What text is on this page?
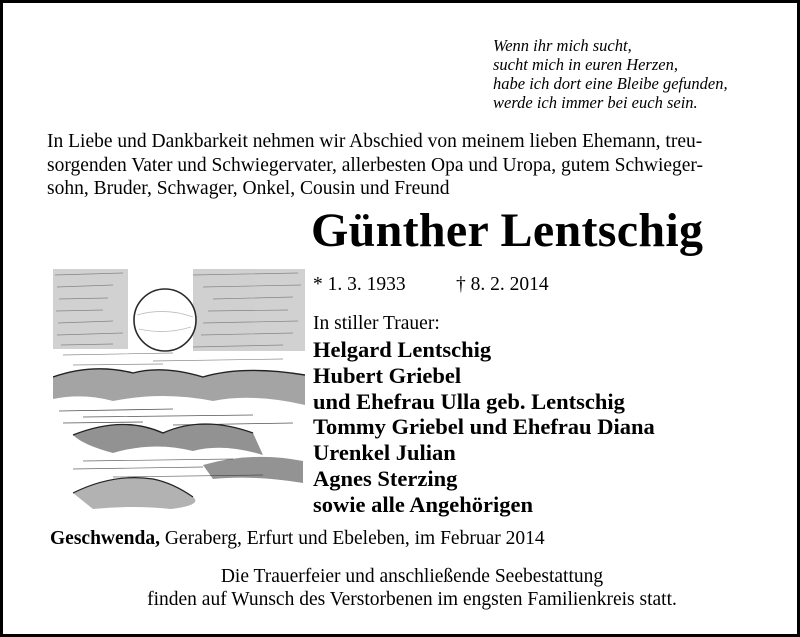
Wenn ihr mich sucht,
sucht mich in euren Herzen,
habe ich dort eine Bleibe gefunden,
werde ich immer bei euch sein.
In Liebe und Dankbarkeit nehmen wir Abschied von meinem lieben Ehemann, treu-
sorgenden Vater und Schwiegervater, allerbesten Opa und Uropa, gutem Schwieger-
sohn, Bruder, Schwager, Onkel, Cousin und Freund
Günther Lentschig
* 1. 3. 1933	† 8. 2. 2014
In stiller Trauer:
Helgard Lentschig
Hubert Griebel
und Ehefrau Ulla geb. Lentschig
Tommy Griebel und Ehefrau Diana
Urenkel Julian
Agnes Sterzing
sowie alle Angehörigen
Geschwenda, Geraberg, Erfurt und Ebeleben, im Februar 2014
Die Trauerfeier und anschließende Seebestattung
finden auf Wunsch des Verstorbenen im engsten Familienkreis statt.
